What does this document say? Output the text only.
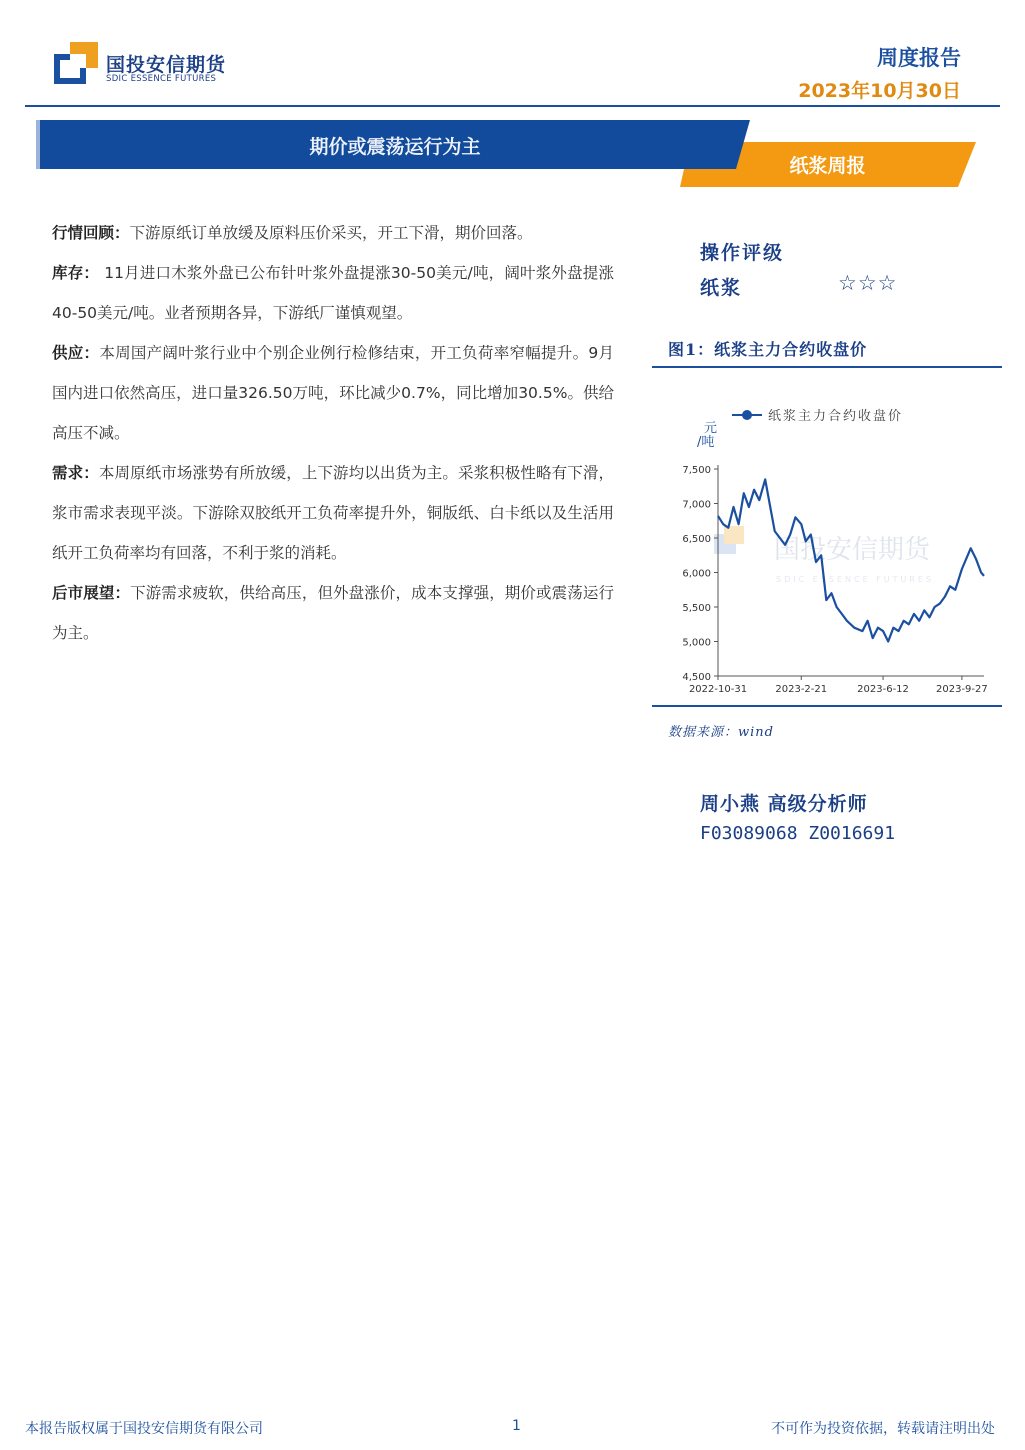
国投安信期货
SDIC ESSENCE FUTURES
周度报告
2023年10月30日
期价或震荡运行为主
纸浆周报

行情回顾：下游原纸订单放缓及原料压价采买，开工下滑，期价回落。

库存： 11月进口木浆外盘已公布针叶浆外盘提涨30-50美元/吨，阔叶浆外盘提涨40-50美元/吨。业者预期各异，下游纸厂谨慎观望。

供应：本周国产阔叶浆行业中个别企业例行检修结束，开工负荷率窄幅提升。9月国内进口依然高压，进口量326.50万吨，环比减少0.7%，同比增加30.5%。供给高压不减。

需求：本周原纸市场涨势有所放缓，上下游均以出货为主。采浆积极性略有下滑，浆市需求表现平淡。下游除双胶纸开工负荷率提升外，铜版纸、白卡纸以及生活用纸开工负荷率均有回落，不利于浆的消耗。

后市展望：下游需求疲软，供给高压，但外盘涨价，成本支撑强，期价或震荡运行为主。

操作评级
纸浆	☆☆☆
图1：纸浆主力合约收盘价
国投安信期货
SDIC ESSENCE FUTURES
纸浆主力合约收盘价
元
/吨
4,500
5,000
5,500
6,000
6,500
7,000
7,500
2022-10-31	2023-2-21	2023-6-12	2023-9-27
数据来源：wind
周小燕 高级分析师
F03089068 Z0016691
本报告版权属于国投安信期货有限公司	1	不可作为投资依据，转载请注明出处
